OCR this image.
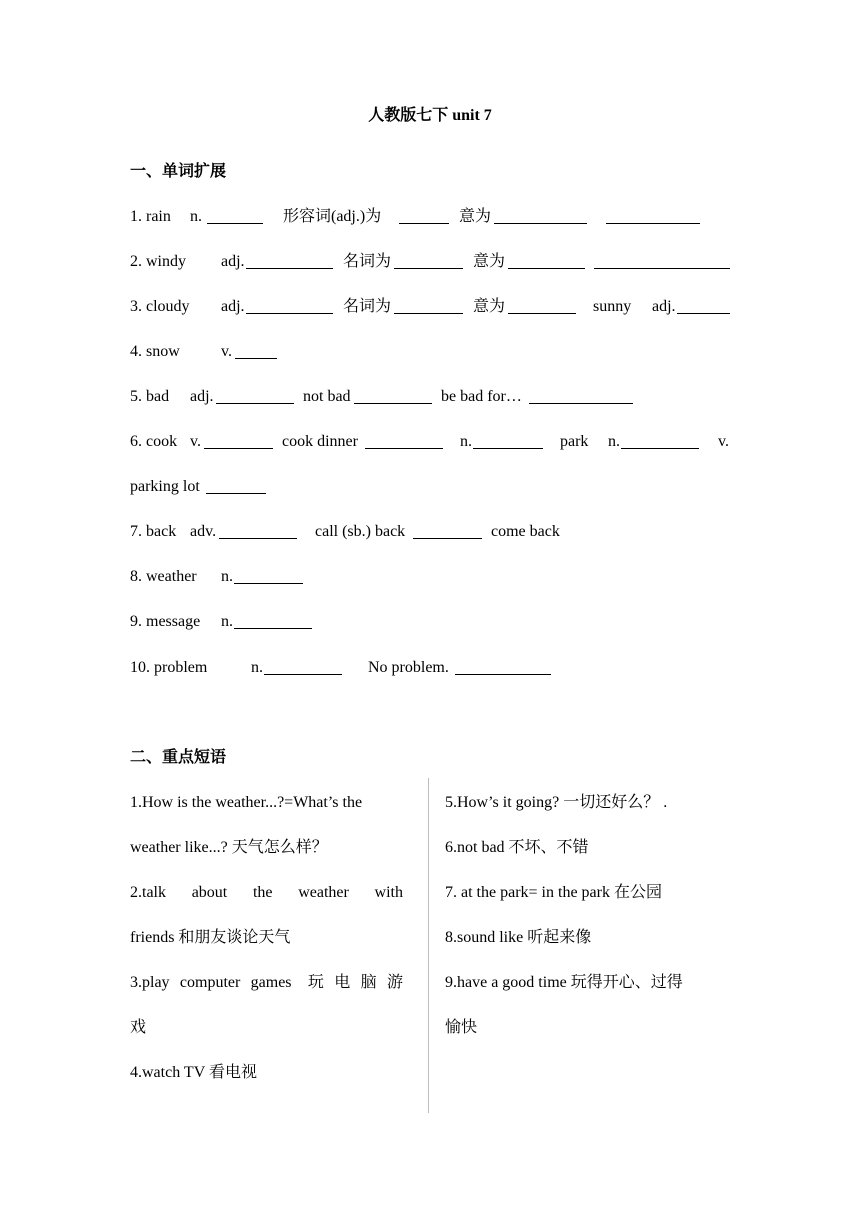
人教版七下 unit 7
一、单词扩展
1. rain n.	形容词(adj.)为	意为
2. windy adj.	名词为	意为
3. cloudy adj.	名词为	意为	sunny adj.
4. snow	v.
5. bad adj.	not bad	be bad for…
6. cook v.	cook dinner	n.	park n.	v.
parking lot
7. back adv.	call (sb.) back	come back
8. weather n.
9. message n.
10. problem	n.	No problem.
二、重点短语
1.How is the weather...?=What’s the
weather like...? 天气怎么样？
2.talk about the weather with
friends 和朋友谈论天气
3.play computer games 玩 电 脑 游
戏
4.watch TV 看电视
5.How’s it going? 一切还好么？ .
6.not bad 不坏、不错
7. at the park= in the park 在公园
8.sound like 听起来像
9.have a good time 玩得开心、过得
愉快
